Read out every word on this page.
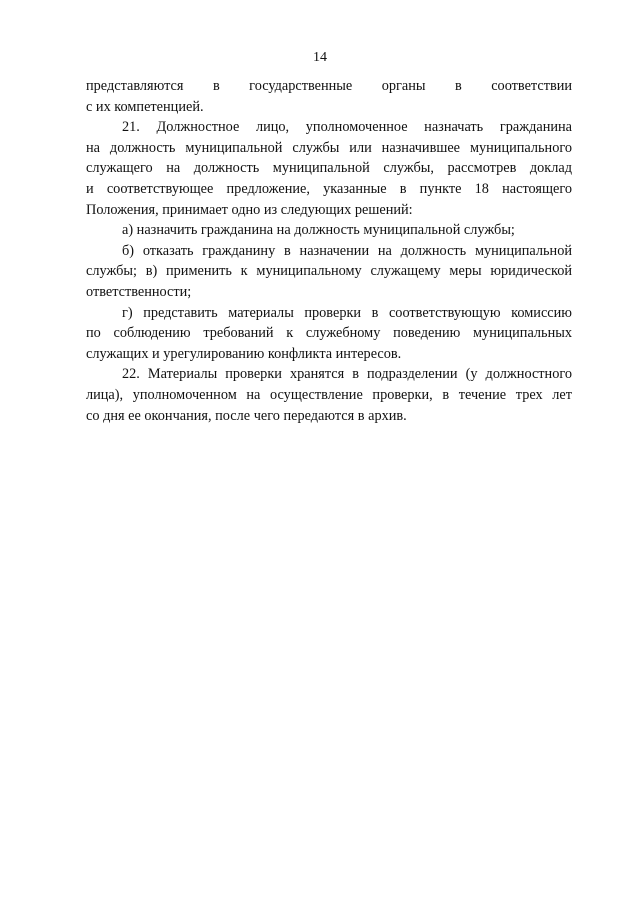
14
представляются в государственные органы в соответствии
с их компетенцией.
21. Должностное лицо, уполномоченное назначать гражданина
на должность муниципальной службы или назначившее муниципального
служащего на должность муниципальной службы, рассмотрев доклад
и соответствующее предложение, указанные в пункте 18 настоящего
Положения, принимает одно из следующих решений:
а) назначить гражданина на должность муниципальной службы;
б) отказать гражданину в назначении на должность муниципальной
службы; в) применить к муниципальному служащему меры юридической
ответственности;
г) представить материалы проверки в соответствующую комиссию
по соблюдению требований к служебному поведению муниципальных
служащих и урегулированию конфликта интересов.
22. Материалы проверки хранятся в подразделении (у должностного
лица), уполномоченном на осуществление проверки, в течение трех лет
со дня ее окончания, после чего передаются в архив.
